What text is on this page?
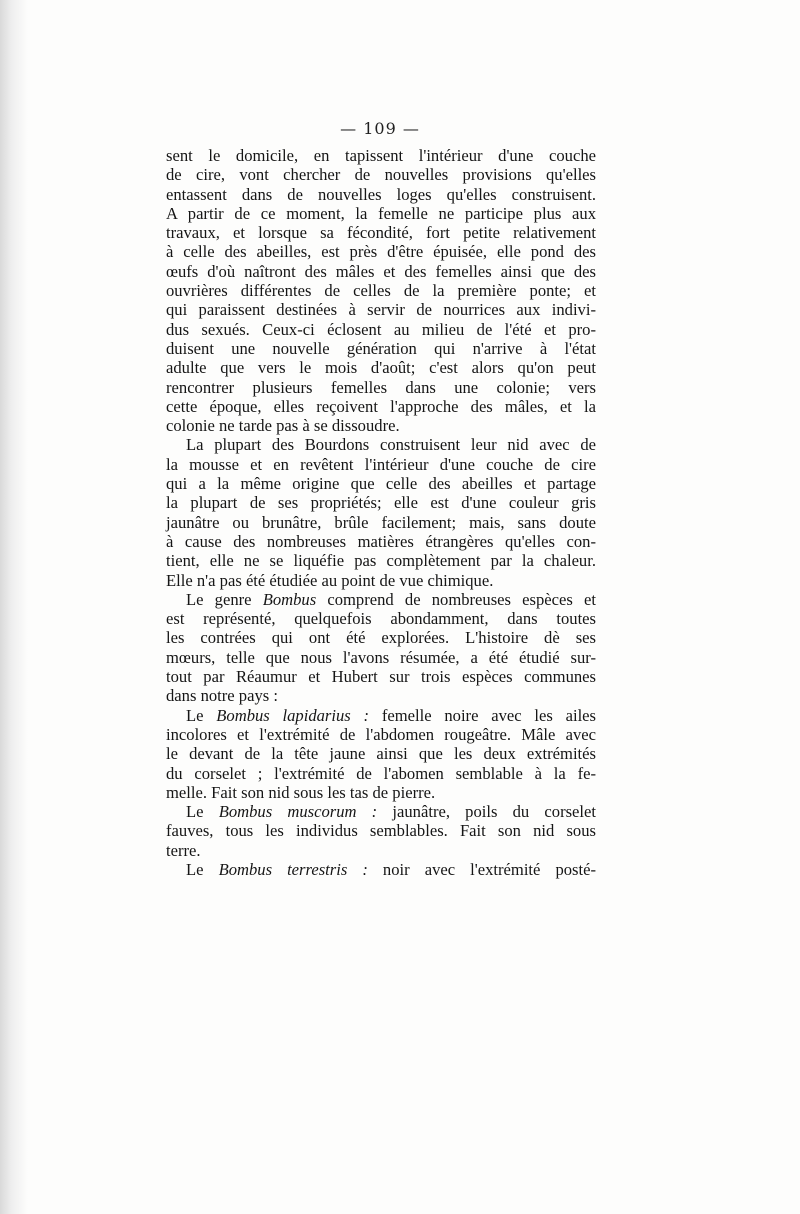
— 109 —

sent le domicile, en tapissent l'intérieur d'une couche
de cire, vont chercher de nouvelles provisions qu'elles
entassent dans de nouvelles loges qu'elles construisent.
A partir de ce moment, la femelle ne participe plus aux
travaux, et lorsque sa fécondité, fort petite relativement
à celle des abeilles, est près d'être épuisée, elle pond des
œufs d'où naîtront des mâles et des femelles ainsi que des
ouvrières différentes de celles de la première ponte; et
qui paraissent destinées à servir de nourrices aux indivi-
dus sexués. Ceux-ci éclosent au milieu de l'été et pro-
duisent une nouvelle génération qui n'arrive à l'état
adulte que vers le mois d'août; c'est alors qu'on peut
rencontrer plusieurs femelles dans une colonie; vers
cette époque, elles reçoivent l'approche des mâles, et la
colonie ne tarde pas à se dissoudre.

La plupart des Bourdons construisent leur nid avec de
la mousse et en revêtent l'intérieur d'une couche de cire
qui a la même origine que celle des abeilles et partage
la plupart de ses propriétés; elle est d'une couleur gris
jaunâtre ou brunâtre, brûle facilement; mais, sans doute
à cause des nombreuses matières étrangères qu'elles con-
tient, elle ne se liquéfie pas complètement par la chaleur.
Elle n'a pas été étudiée au point de vue chimique.

Le genre Bombus comprend de nombreuses espèces et
est représenté, quelquefois abondamment, dans toutes
les contrées qui ont été explorées. L'histoire dè ses
mœurs, telle que nous l'avons résumée, a été étudié sur-
tout par Réaumur et Hubert sur trois espèces communes
dans notre pays :

Le Bombus lapidarius : femelle noire avec les ailes
incolores et l'extrémité de l'abdomen rougeâtre. Mâle avec
le devant de la tête jaune ainsi que les deux extrémités
du corselet ; l'extrémité de l'abomen semblable à la fe-
melle. Fait son nid sous les tas de pierre.

Le Bombus muscorum : jaunâtre, poils du corselet
fauves, tous les individus semblables. Fait son nid sous
terre.

Le Bombus terrestris : noir avec l'extrémité posté-
